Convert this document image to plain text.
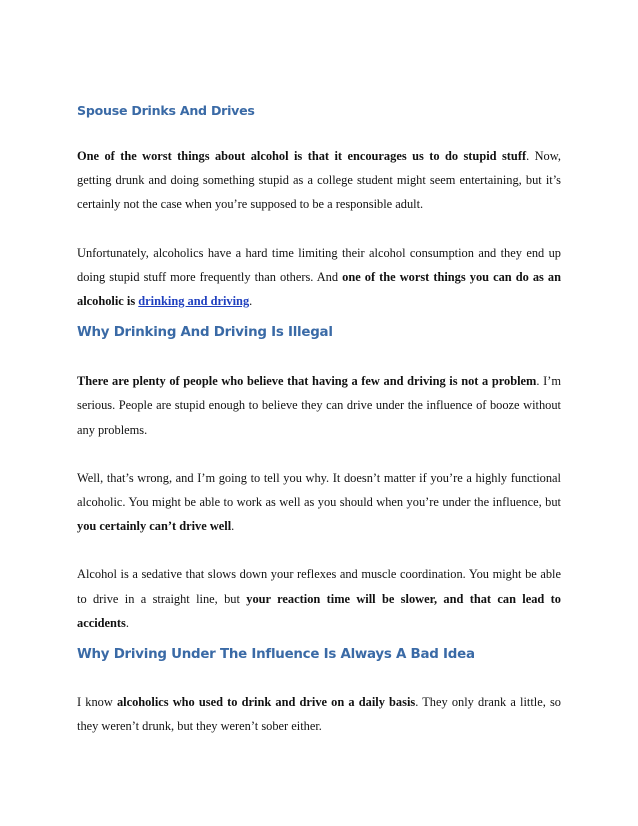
Spouse Drinks And Drives

One of the worst things about alcohol is that it encourages us to do stupid stuff. Now, getting drunk and doing something stupid as a college student might seem entertaining, but it’s certainly not the case when you’re supposed to be a responsible adult.

Unfortunately, alcoholics have a hard time limiting their alcohol consumption and they end up doing stupid stuff more frequently than others. And one of the worst things you can do as an alcoholic is drinking and driving.

Why Drinking And Driving Is Illegal

There are plenty of people who believe that having a few and driving is not a problem. I’m serious. People are stupid enough to believe they can drive under the influence of booze without any problems.

Well, that’s wrong, and I’m going to tell you why. It doesn’t matter if you’re a highly functional alcoholic. You might be able to work as well as you should when you’re under the influence, but you certainly can’t drive well.

Alcohol is a sedative that slows down your reflexes and muscle coordination. You might be able to drive in a straight line, but your reaction time will be slower, and that can lead to accidents.

Why Driving Under The Influence Is Always A Bad Idea

I know alcoholics who used to drink and drive on a daily basis. They only drank a little, so they weren’t drunk, but they weren’t sober either.
